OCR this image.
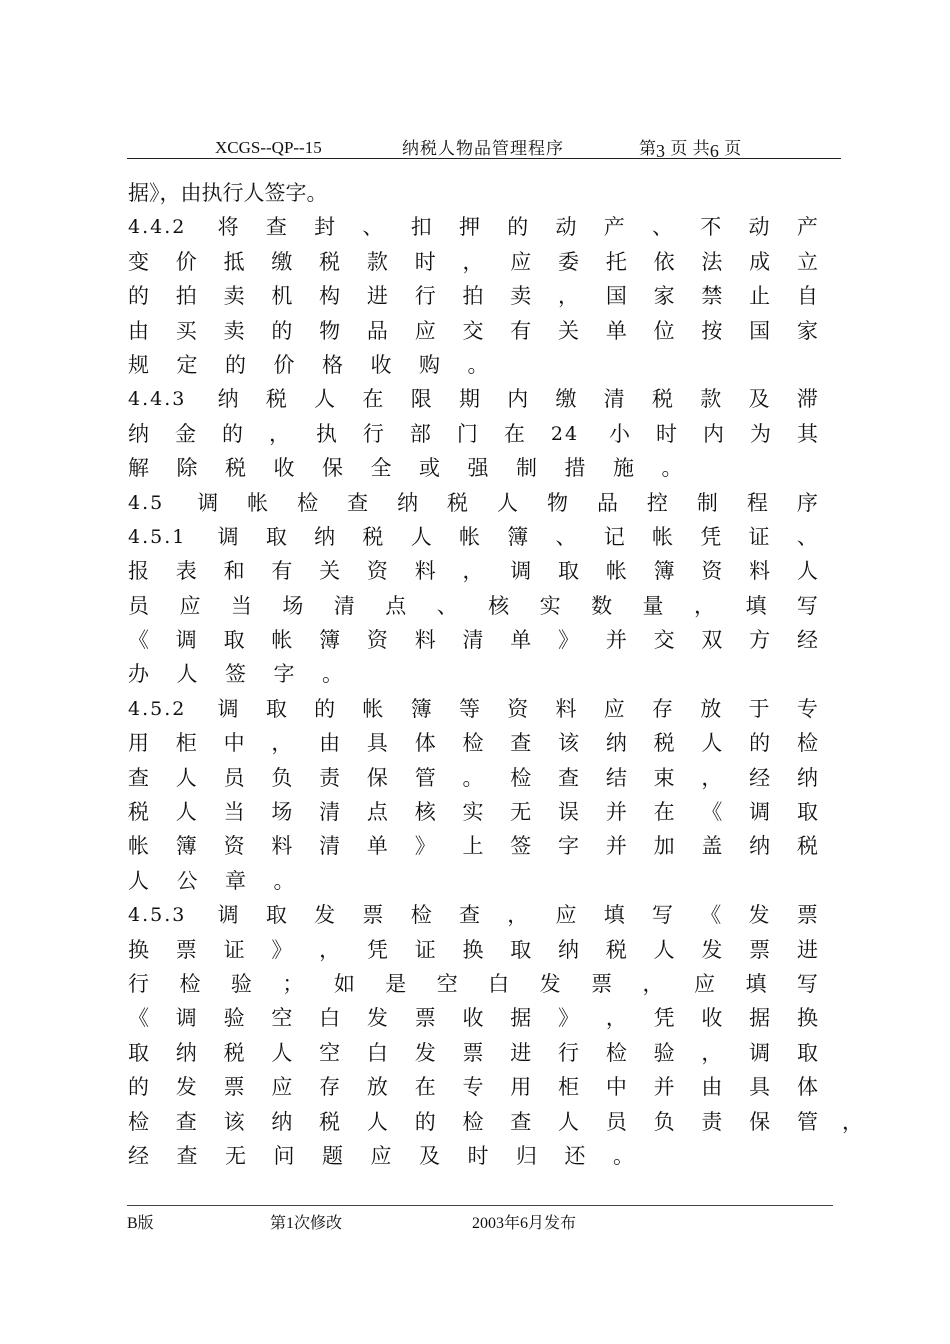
XCGS--QP--15	纳税人物品管理程序	第3 页 共6 页
据》，由执行人签字。
4.4.2 将 查 封 、 扣 押 的 动 产 、 不 动 产
变 价 抵 缴 税 款 时 ， 应 委 托 依 法 成 立
的 拍 卖 机 构 进 行 拍 卖 ， 国 家 禁 止 自
由 买 卖 的 物 品 应 交 有 关 单 位 按 国 家
规	定	的	价	格	收	购	。
4.4.3 纳 税 人 在 限 期 内 缴 清 税 款 及 滞
纳 金 的 ， 执 行 部 门 在 24 小 时 内 为 其
解	除	税	收	保	全	或	强	制	措	施	。
4.5 调 帐 检 查 纳 税 人 物 品 控 制 程 序
4.5.1 调 取 纳 税 人 帐 簿 、 记 帐 凭 证 、
报 表 和 有 关 资 料 ， 调 取 帐 簿 资 料 人
员 应 当 场 清 点 、 核 实 数 量 ， 填 写
《 调 取 帐 簿 资 料 清 单 》 并 交 双 方 经
办	人	签	字	。
4.5.2 调 取 的 帐 簿 等 资 料 应 存 放 于 专
用 柜 中 ， 由 具 体 检 查 该 纳 税 人 的 检
查 人 员 负 责 保 管 。 检 查 结 束 ， 经 纳
税 人 当 场 清 点 核 实 无 误 并 在 《 调 取
帐 簿 资 料 清 单 》 上 签 字 并 加 盖 纳 税
人	公	章	。
4.5.3 调 取 发 票 检 查 ， 应 填 写 《 发 票
换 票 证 》 ， 凭 证 换 取 纳 税 人 发 票 进
行 检 验 ； 如 是 空 白 发 票 ， 应 填 写
《 调 验 空 白 发 票 收 据 》 ， 凭 收 据 换
取 纳 税 人 空 白 发 票 进 行 检 验 ， 调 取
的 发 票 应 存 放 在 专 用 柜 中 并 由 具 体
检 查 该 纳 税 人 的 检 查 人 员 负 责 保 管
经	查	无	问	题	应	及	时	归	还	。
，
B版	第1次修改	2003年6月发布
